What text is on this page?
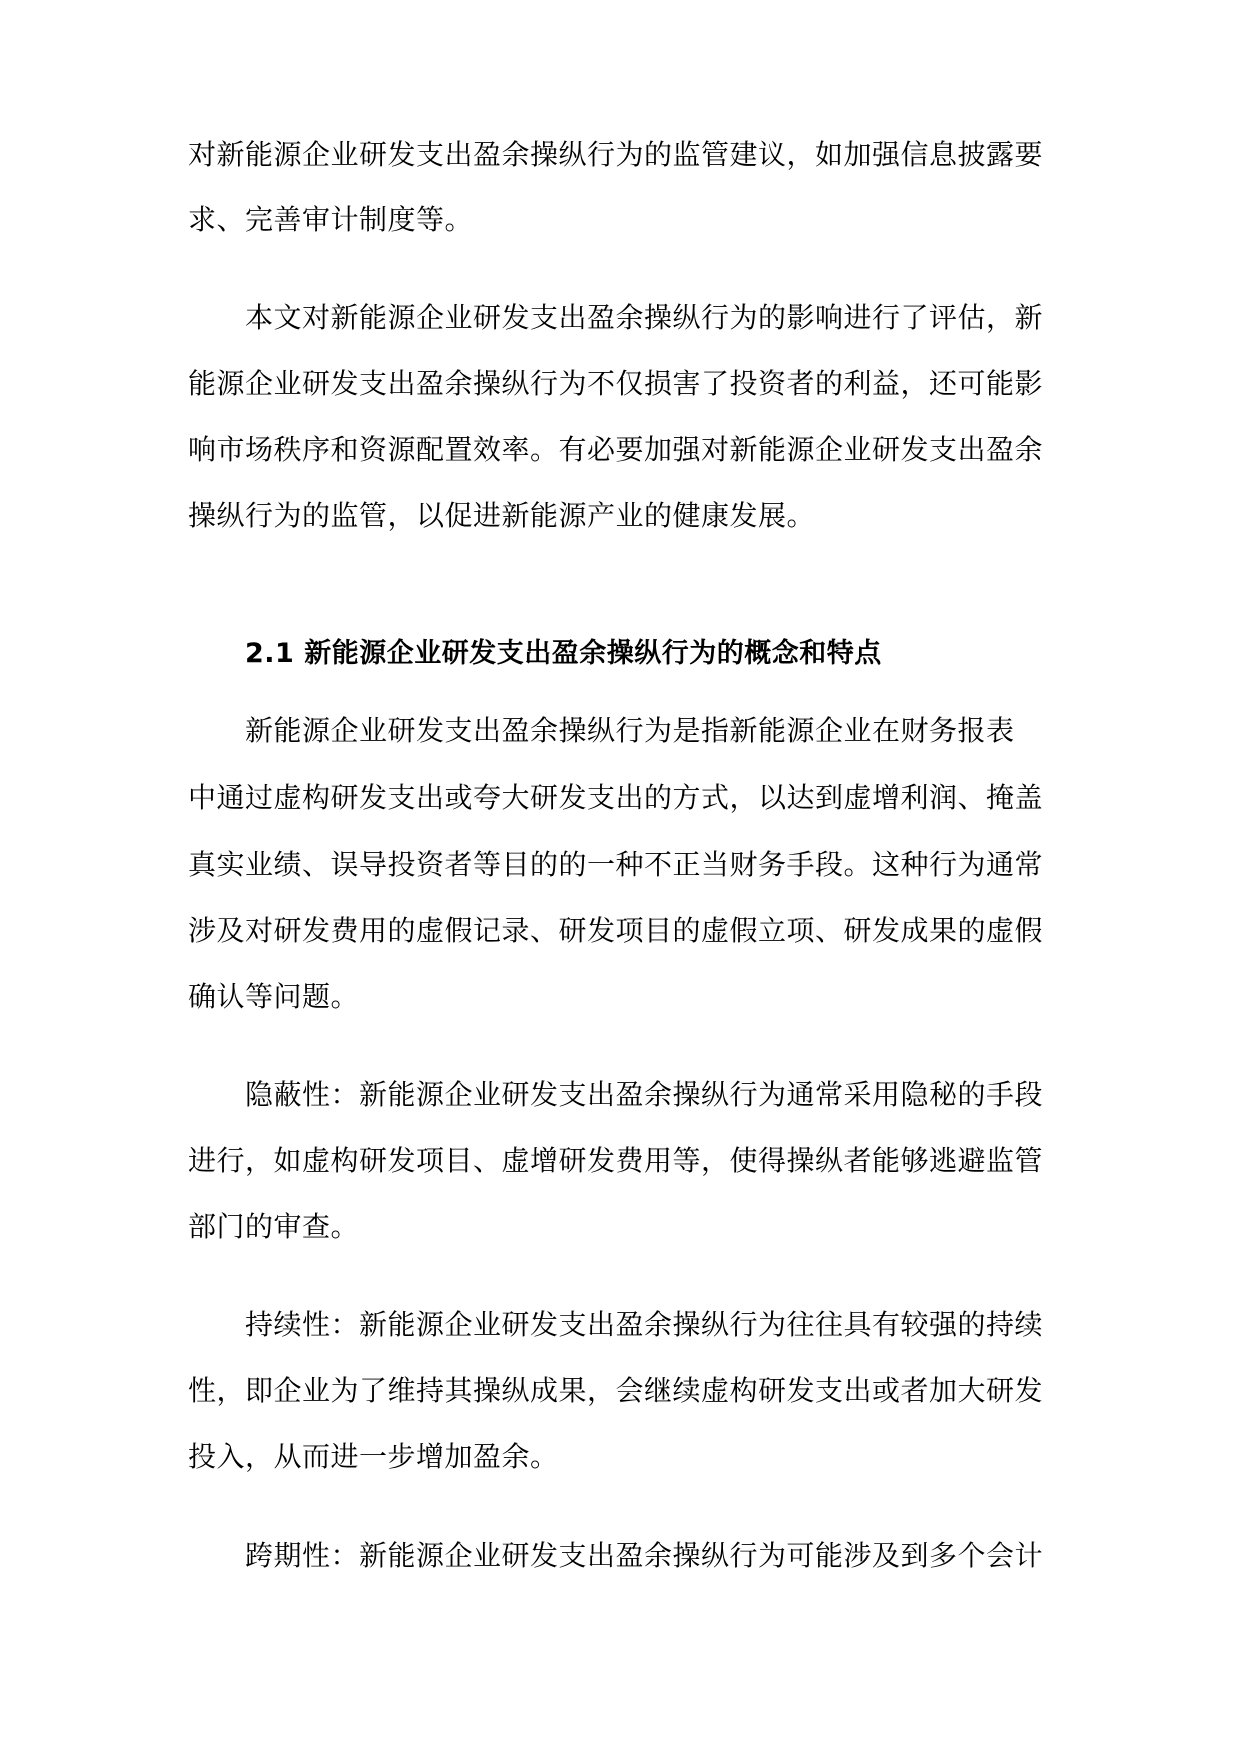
对新能源企业研发支出盈余操纵行为的监管建议，如加强信息披露要
求、完善审计制度等。
　　本文对新能源企业研发支出盈余操纵行为的影响进行了评估，新
能源企业研发支出盈余操纵行为不仅损害了投资者的利益，还可能影
响市场秩序和资源配置效率。有必要加强对新能源企业研发支出盈余
操纵行为的监管，以促进新能源产业的健康发展。
2.1 新能源企业研发支出盈余操纵行为的概念和特点
　　新能源企业研发支出盈余操纵行为是指新能源企业在财务报表
中通过虚构研发支出或夸大研发支出的方式，以达到虚增利润、掩盖
真实业绩、误导投资者等目的的一种不正当财务手段。这种行为通常
涉及对研发费用的虚假记录、研发项目的虚假立项、研发成果的虚假
确认等问题。
　　隐蔽性：新能源企业研发支出盈余操纵行为通常采用隐秘的手段
进行，如虚构研发项目、虚增研发费用等，使得操纵者能够逃避监管
部门的审查。
　　持续性：新能源企业研发支出盈余操纵行为往往具有较强的持续
性，即企业为了维持其操纵成果，会继续虚构研发支出或者加大研发
投入，从而进一步增加盈余。
　　跨期性：新能源企业研发支出盈余操纵行为可能涉及到多个会计
